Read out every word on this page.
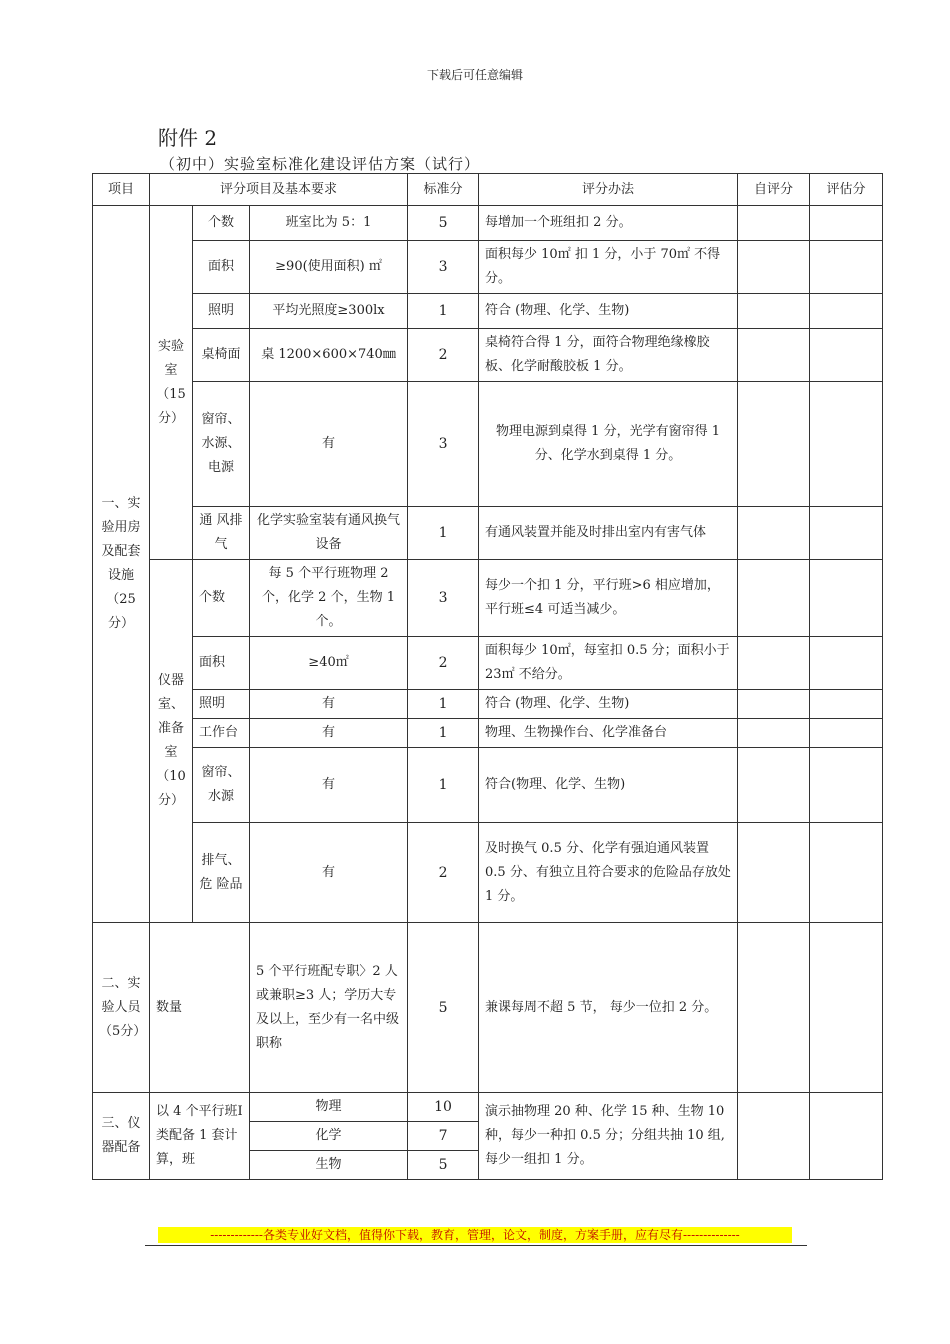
下载后可任意编辑
附件 2
（初中）实验室标准化建设评估方案（试行）
项目	评分项目及基本要求			标准分	评分办法	自评分	评估分
一、实验用房及配套设施（25分）	实验室（15分）	个数	班室比为 5：1	5	每增加一个班组扣 2 分。		
		面积	≥90(使用面积) ㎡	3	面积每少 10㎡ 扣 1 分，小于 70㎡ 不得分。		
		照明	平均光照度≥300lx	1	符合 (物理、化学、生物)		
		桌椅面	桌 1200×600×740㎜	2	桌椅符合得 1 分，面符合物理绝缘橡胶板、化学耐酸胶板 1 分。		
		窗帘、水源、电源	有	3	物理电源到桌得 1 分，光学有窗帘得 1 分、化学水到桌得 1 分。		
		通 风排气	化学实验室装有通风换气设备	1	有通风装置并能及时排出室内有害气体		
	仪器室、准备室（10分）	个数	每 5 个平行班物理 2 个，化学 2 个，生物 1 个。	3	每少一个扣 1 分，平行班>6 相应增加，平行班≤4 可适当减少。		
		面积	≥40㎡	2	面积每少 10㎡，每室扣 0.5 分；面积小于 23㎡ 不给分。		
		照明	有	1	符合 (物理、化学、生物)		
		工作台	有	1	物理、生物操作台、化学准备台		
		窗帘、水源	有	1	符合(物理、化学、生物)		
		排气、危 险品	有	2	及时换气 0.5 分、化学有强迫通风装置 0.5 分、有独立且符合要求的危险品存放处 1 分。		
二、实验人员（5分）	数量		5 个平行班配专职〉2 人或兼职≥3 人；学历大专及以上，至少有一名中级职称	5	兼课每周不超 5 节， 每少一位扣 2 分。		
三、仪器配备	以 4 个平行班Ⅰ类配备 1 套计算，班		物理	10	演示抽物理 20 种、化学 15 种、生物 10 种，每少一种扣 0.5 分；分组共抽 10 组,每少一组扣 1 分。		
			化学	7			
			生物	5			
-------------各类专业好文档，值得你下载，教育，管理，论文，制度，方案手册，应有尽有--------------
